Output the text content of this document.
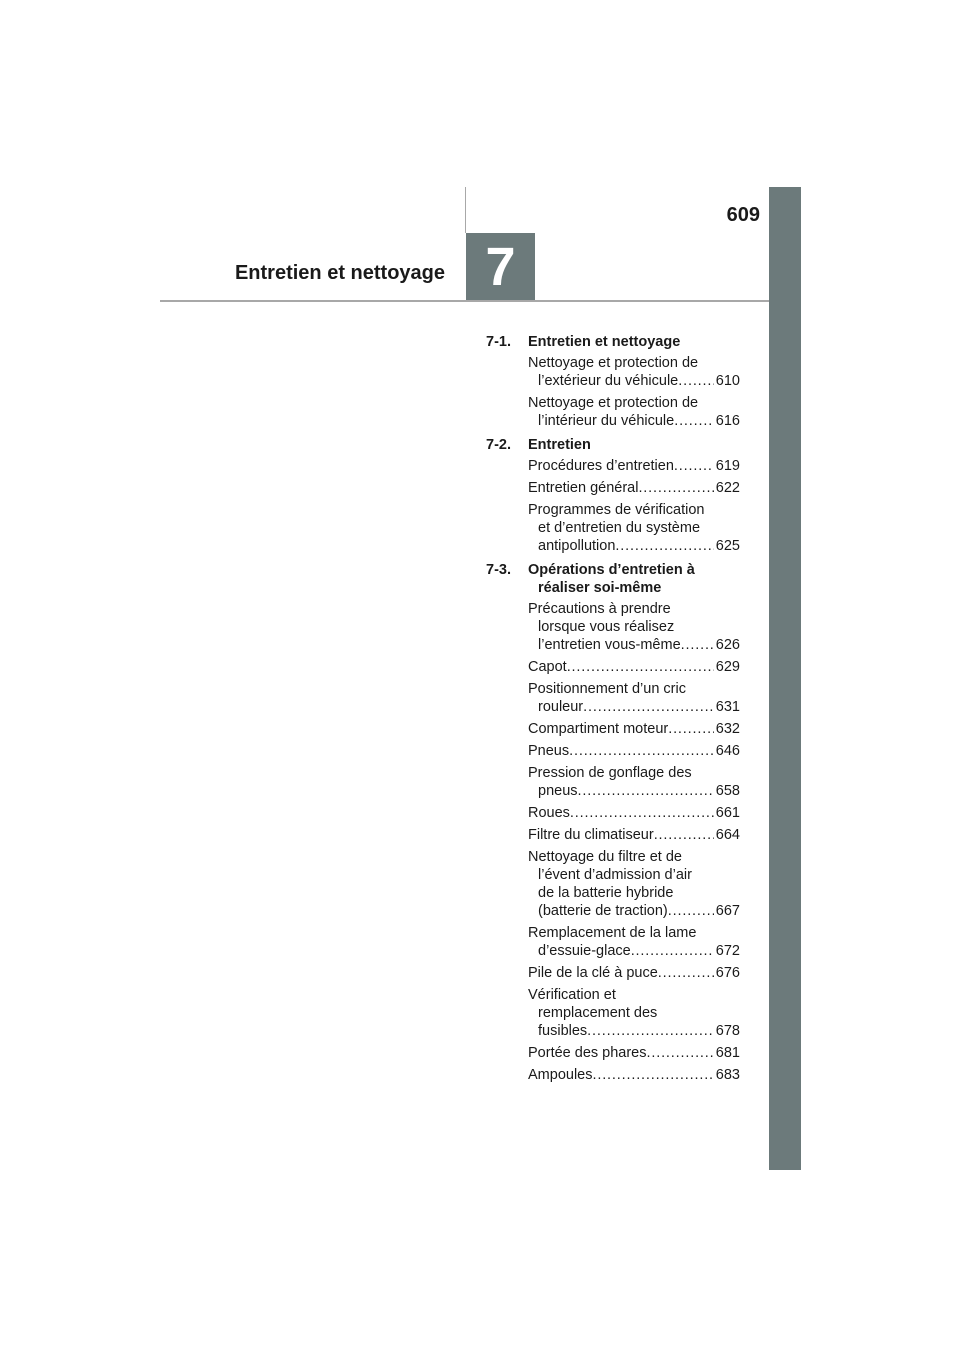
609
Entretien et nettoyage 7
7-1.	Entretien et nettoyage
Nettoyage et protection de
l’extérieur du véhicule . . .	610
Nettoyage et protection de
l’intérieur du véhicule . . .	616
7-2.	Entretien
Procédures d’entretien . . .	619
Entretien général . . .	622
Programmes de vérification
et d’entretien du système
antipollution . . .	625
7-3.	Opérations d’entretien à
réaliser soi-même
Précautions à prendre
lorsque vous réalisez
l’entretien vous-même . . . 626
Capot . . .	629
Positionnement d’un cric
rouleur . . .	631
Compartiment moteur . . .	632
Pneus . . .	646
Pression de gonflage des
pneus . . .	658
Roues . . .	661
Filtre du climatiseur . . .	664
Nettoyage du filtre et de
l’évent d’admission d’air
de la batterie hybride
(batterie de traction) . . .	667
Remplacement de la lame
d’essuie-glace . . .	672
Pile de la clé à puce . . .	676
Vérification et
remplacement des
fusibles . . .	678
Portée des phares . . .	681
Ampoules . . .	683
